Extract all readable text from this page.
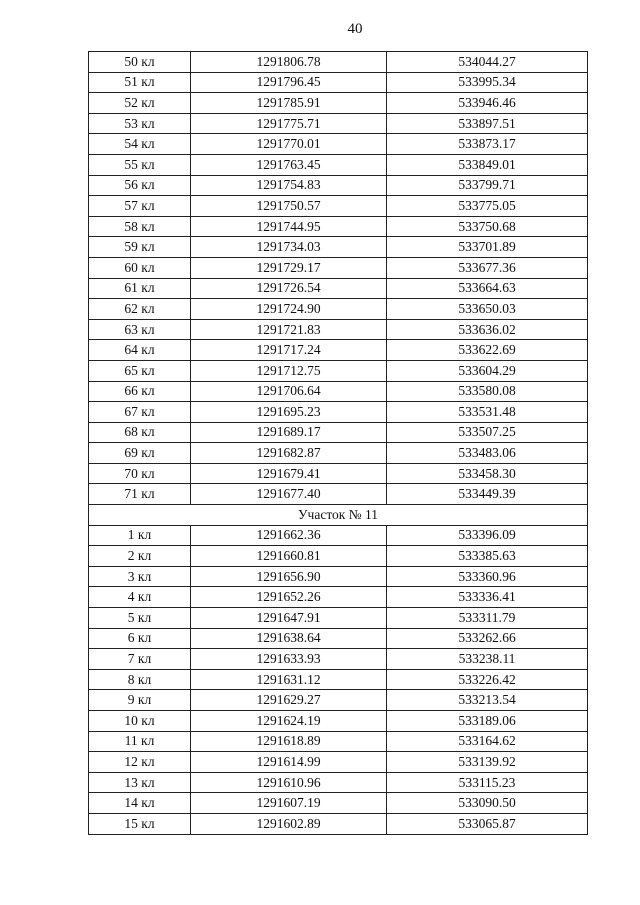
40
50 кл	1291806.78	534044.27
51 кл	1291796.45	533995.34
52 кл	1291785.91	533946.46
53 кл	1291775.71	533897.51
54 кл	1291770.01	533873.17
55 кл	1291763.45	533849.01
56 кл	1291754.83	533799.71
57 кл	1291750.57	533775.05
58 кл	1291744.95	533750.68
59 кл	1291734.03	533701.89
60 кл	1291729.17	533677.36
61 кл	1291726.54	533664.63
62 кл	1291724.90	533650.03
63 кл	1291721.83	533636.02
64 кл	1291717.24	533622.69
65 кл	1291712.75	533604.29
66 кл	1291706.64	533580.08
67 кл	1291695.23	533531.48
68 кл	1291689.17	533507.25
69 кл	1291682.87	533483.06
70 кл	1291679.41	533458.30
71 кл	1291677.40	533449.39
Участок № 11		
1 кл	1291662.36	533396.09
2 кл	1291660.81	533385.63
3 кл	1291656.90	533360.96
4 кл	1291652.26	533336.41
5 кл	1291647.91	533311.79
6 кл	1291638.64	533262.66
7 кл	1291633.93	533238.11
8 кл	1291631.12	533226.42
9 кл	1291629.27	533213.54
10 кл	1291624.19	533189.06
11 кл	1291618.89	533164.62
12 кл	1291614.99	533139.92
13 кл	1291610.96	533115.23
14 кл	1291607.19	533090.50
15 кл	1291602.89	533065.87
